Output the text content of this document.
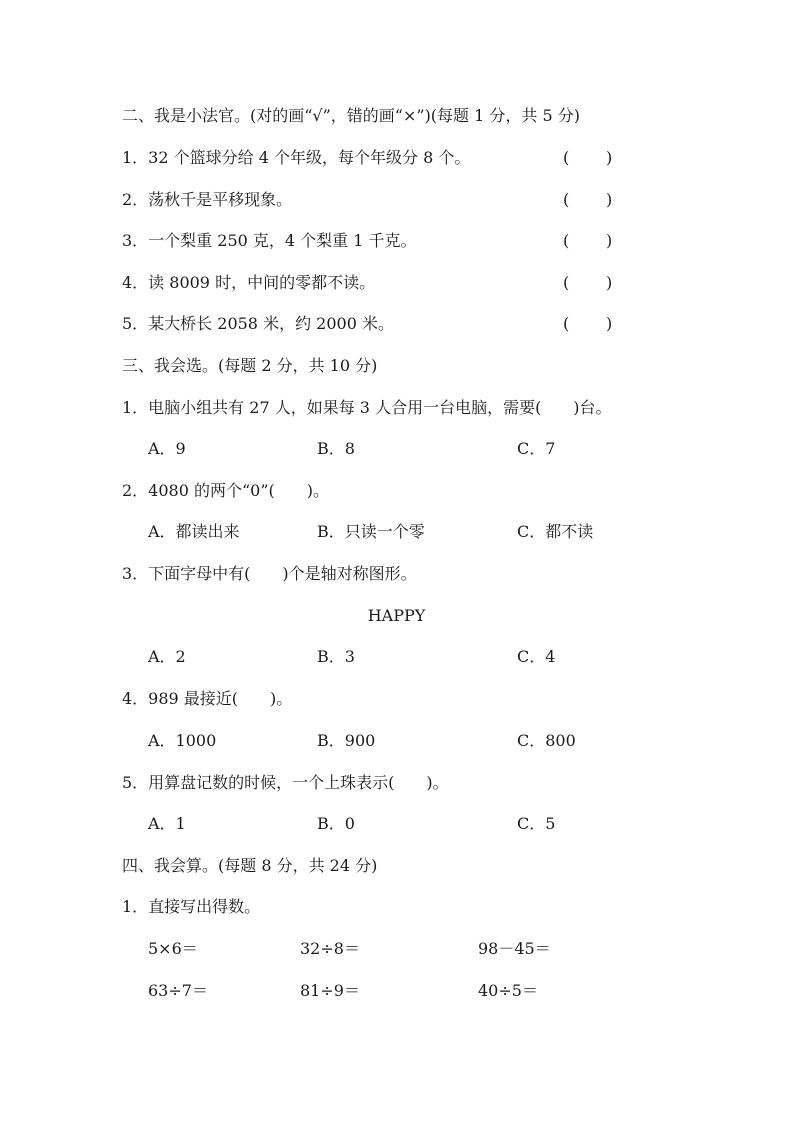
二、我是小法官。(对的画“√”，错的画“×”)(每题 1 分，共 5 分)
1．32 个篮球分给 4 个年级，每个年级分 8 个。	( )
2．荡秋千是平移现象。	( )
3．一个梨重 250 克，4 个梨重 1 千克。	( )
4．读 8009 时，中间的零都不读。	( )
5．某大桥长 2058 米，约 2000 米。	( )
三、我会选。(每题 2 分，共 10 分)
1．电脑小组共有 27 人，如果每 3 人合用一台电脑，需要(　　)台。
A．9	B．8	C．7
2．4080 的两个“0”(　　)。
A．都读出来	B．只读一个零	C．都不读
3．下面字母中有(　　)个是轴对称图形。
HAPPY
A．2	B．3	C．4
4．989 最接近(　　)。
A．1000	B．900	C．800
5．用算盘记数的时候，一个上珠表示(　　)。
A．1	B．0	C．5
四、我会算。(每题 8 分，共 24 分)
1．直接写出得数。
5×6＝	32÷8＝	98－45＝
63÷7＝	81÷9＝	40÷5＝
